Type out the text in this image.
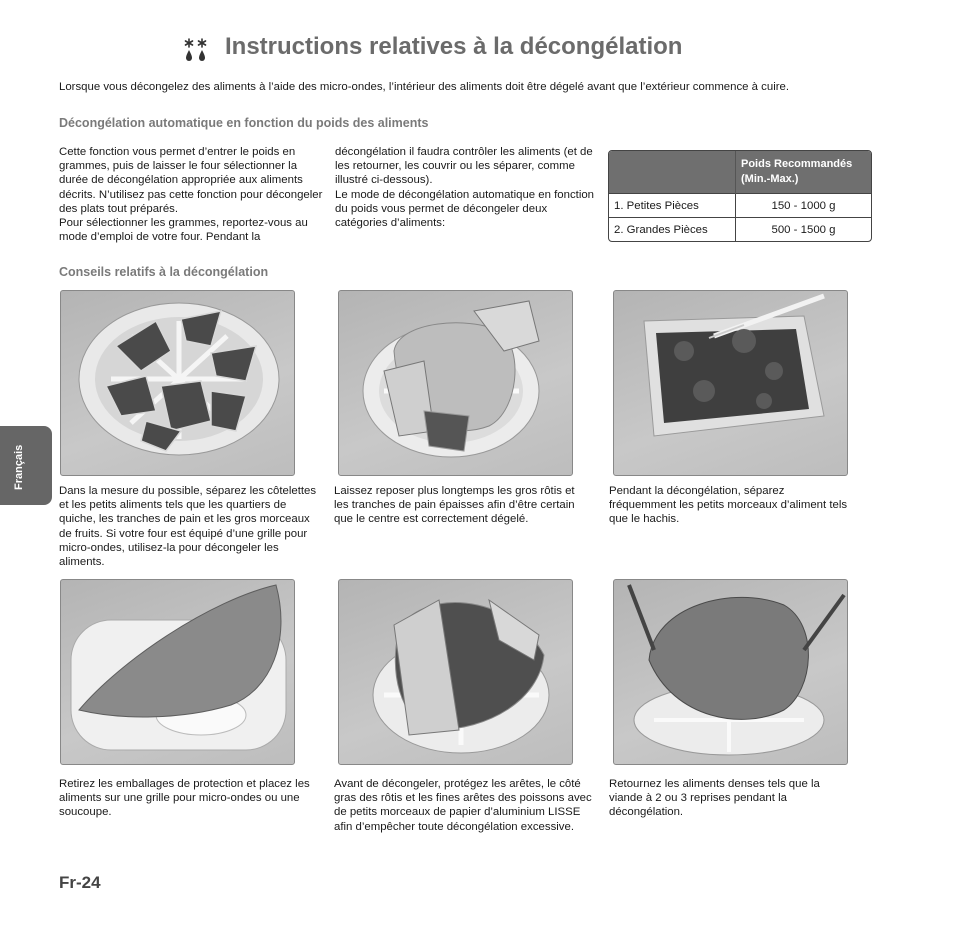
Instructions relatives à la décongélation
Lorsque vous décongelez des aliments à l’aide des micro-ondes, l’intérieur des aliments doit être dégelé avant que l’extérieur commence à cuire.
Décongélation automatique en fonction du poids des aliments
Cette fonction vous permet d’entrer le poids en grammes, puis de laisser le four sélectionner la durée de décongélation appropriée aux aliments décrits. N’utilisez pas cette fonction pour décongeler des plats tout préparés.
Pour sélectionner les grammes, reportez-vous au mode d’emploi de votre four. Pendant la
décongélation il faudra contrôler les aliments (et de les retourner, les couvrir ou les séparer, comme illustré ci-dessous).
Le mode de décongélation automatique en fonction du poids vous permet de décongeler deux catégories d’aliments:
	Poids Recommandés (Min.-Max.)
1. Petites Pièces	150 - 1000 g
2. Grandes Pièces	500 - 1500 g
Conseils relatifs à la décongélation
Dans la mesure du possible, séparez les côtelettes et les petits aliments tels que les quartiers de quiche, les tranches de pain et les gros morceaux de fruits. Si votre four est équipé d’une grille pour micro-ondes, utilisez-la pour décongeler les aliments.
Laissez reposer plus longtemps les gros rôtis et les tranches de pain épaisses afin d’être certain que le centre est correctement dégelé.
Pendant la décongélation, séparez fréquemment les petits morceaux d’aliment tels que le hachis.
Retirez les emballages de protection et placez les aliments sur une grille pour micro-ondes ou une soucoupe.
Avant de décongeler, protégez les arêtes, le côté gras des rôtis et les fines arêtes des poissons avec de petits morceaux de papier d’aluminium LISSE afin d’empêcher toute décongélation excessive.
Retournez les aliments denses tels que la viande à 2 ou 3 reprises pendant la décongélation.
Français
Fr-24
